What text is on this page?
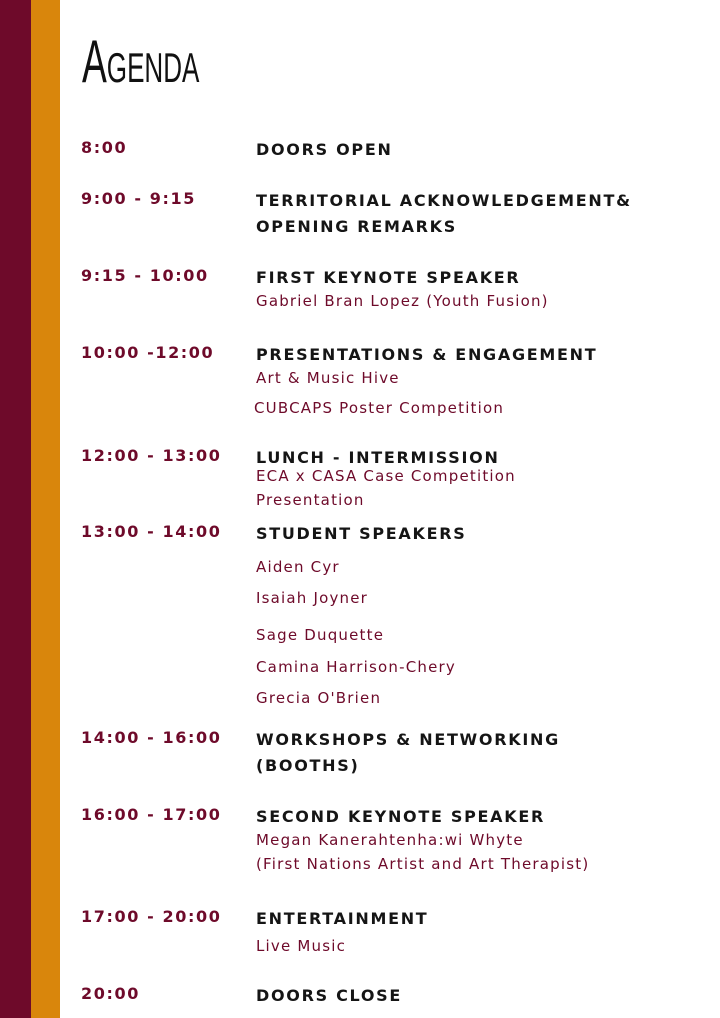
Agenda
8:00	DOORS OPEN
9:00 - 9:15	TERRITORIAL ACKNOWLEDGEMENT&
OPENING REMARKS
9:15 - 10:00	FIRST KEYNOTE SPEAKER
Gabriel Bran Lopez (Youth Fusion)
10:00 -12:00	PRESENTATIONS & ENGAGEMENT
Art & Music Hive
CUBCAPS Poster Competition
12:00 - 13:00 LUNCH - INTERMISSION
ECA x CASA Case Competition
Presentation
13:00 - 14:00 STUDENT SPEAKERS
Aiden Cyr
Isaiah Joyner
Sage Duquette
Camina Harrison-Chery
Grecia O'Brien
14:00 - 16:00 WORKSHOPS & NETWORKING
(BOOTHS)
16:00 - 17:00 SECOND KEYNOTE SPEAKER
Megan Kanerahtenha:wi Whyte
(First Nations Artist and Art Therapist)
17:00 - 20:00 ENTERTAINMENT
Live Music
20:00	DOORS CLOSE
